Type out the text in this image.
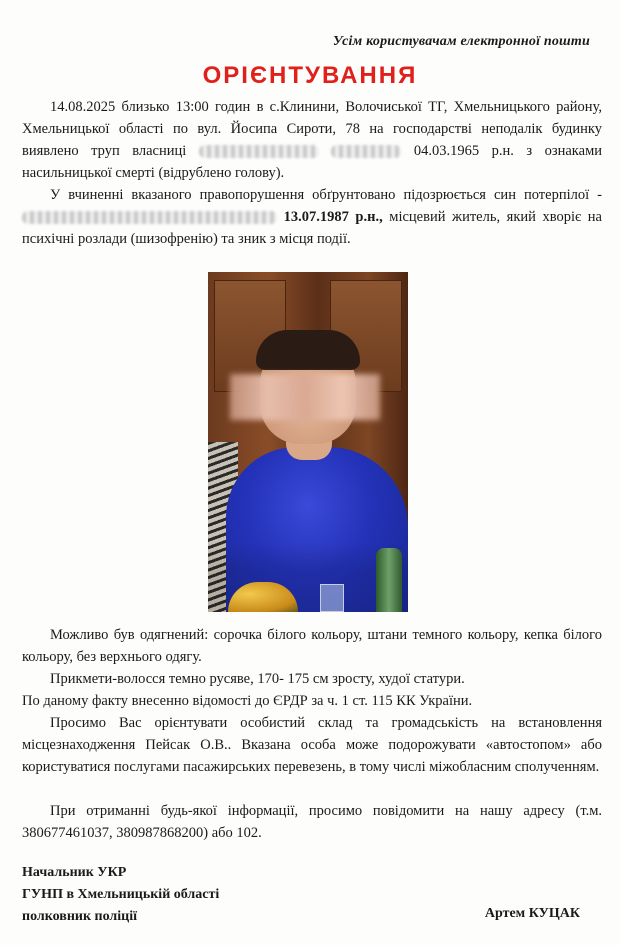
Усім користувачам електронної пошти
ОРІЄНТУВАННЯ

14.08.2025 близько 13:00 годин в с.Клинини, Волочиської ТГ, Хмельницького району, Хмельницької області по вул. Йосипа Сироти, 78 на господарстві неподалік будинку виявлено труп власниці	04.03.1965 р.н. з ознаками насильницької смерті (відрублено голову).

У вчиненні вказаного правопорушення обґрунтовано підозрюється син потерпілої -  13.07.1987 р.н., місцевий житель, який хворіє на психічні розлади (шизофренію) та зник з місця події.

Можливо був одягнений: сорочка білого кольору, штани темного кольору, кепка білого кольору, без верхнього одягу.

Прикмети-волосся темно русяве, 170- 175 см зросту, худої статури.

По даному факту внесенно відомості до ЄРДР за ч. 1 ст. 115 КК України.

Просимо Вас орієнтувати особистий склад та громадськість на встановлення місцезнаходження Пейсак О.В.. Вказана особа може подорожувати «автостопом» або користуватися послугами пасажирських перевезень, в тому числі міжобласним сполученням.

При отриманні будь-якої інформації, просимо повідомити на нашу адресу (т.м. 380677461037, 380987868200) або 102.

Начальник УКР
ГУНП в Хмельницькій області
полковник поліції	Артем КУЦАК
